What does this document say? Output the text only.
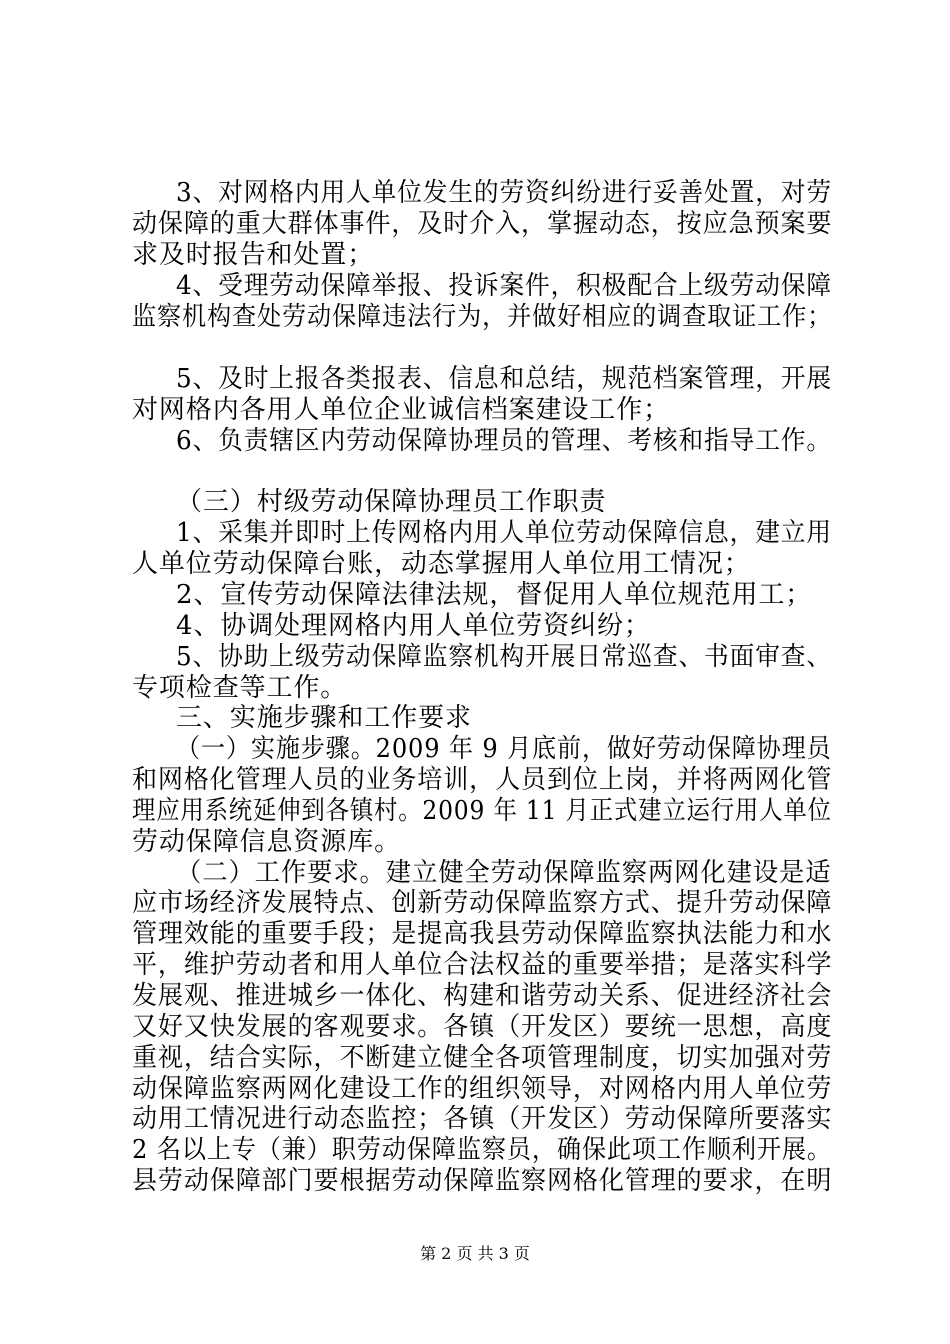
3、对网格内用人单位发生的劳资纠纷进行妥善处置，对劳
动保障的重大群体事件，及时介入，掌握动态，按应急预案要
求及时报告和处置；
4、受理劳动保障举报、投诉案件，积极配合上级劳动保障
监察机构查处劳动保障违法行为，并做好相应的调查取证工作；
5、及时上报各类报表、信息和总结，规范档案管理，开展
对网格内各用人单位企业诚信档案建设工作；
6、负责辖区内劳动保障协理员的管理、考核和指导工作。
（三）村级劳动保障协理员工作职责
1、采集并即时上传网格内用人单位劳动保障信息，建立用
人单位劳动保障台账，动态掌握用人单位用工情况；
2、宣传劳动保障法律法规，督促用人单位规范用工；
4、协调处理网格内用人单位劳资纠纷；
5、协助上级劳动保障监察机构开展日常巡查、书面审查、
专项检查等工作。
三、实施步骤和工作要求
（一）实施步骤。2009 年 9 月底前，做好劳动保障协理员
和网格化管理人员的业务培训，人员到位上岗，并将两网化管
理应用系统延伸到各镇村。2009 年 11 月正式建立运行用人单位
劳动保障信息资源库。
（二）工作要求。建立健全劳动保障监察两网化建设是适
应市场经济发展特点、创新劳动保障监察方式、提升劳动保障
管理效能的重要手段；是提高我县劳动保障监察执法能力和水
平，维护劳动者和用人单位合法权益的重要举措；是落实科学
发展观、推进城乡一体化、构建和谐劳动关系、促进经济社会
又好又快发展的客观要求。各镇（开发区）要统一思想，高度
重视，结合实际，不断建立健全各项管理制度，切实加强对劳
动保障监察两网化建设工作的组织领导，对网格内用人单位劳
动用工情况进行动态监控；各镇（开发区）劳动保障所要落实
2 名以上专（兼）职劳动保障监察员，确保此项工作顺利开展。
县劳动保障部门要根据劳动保障监察网格化管理的要求，在明
第 2 页 共 3 页
